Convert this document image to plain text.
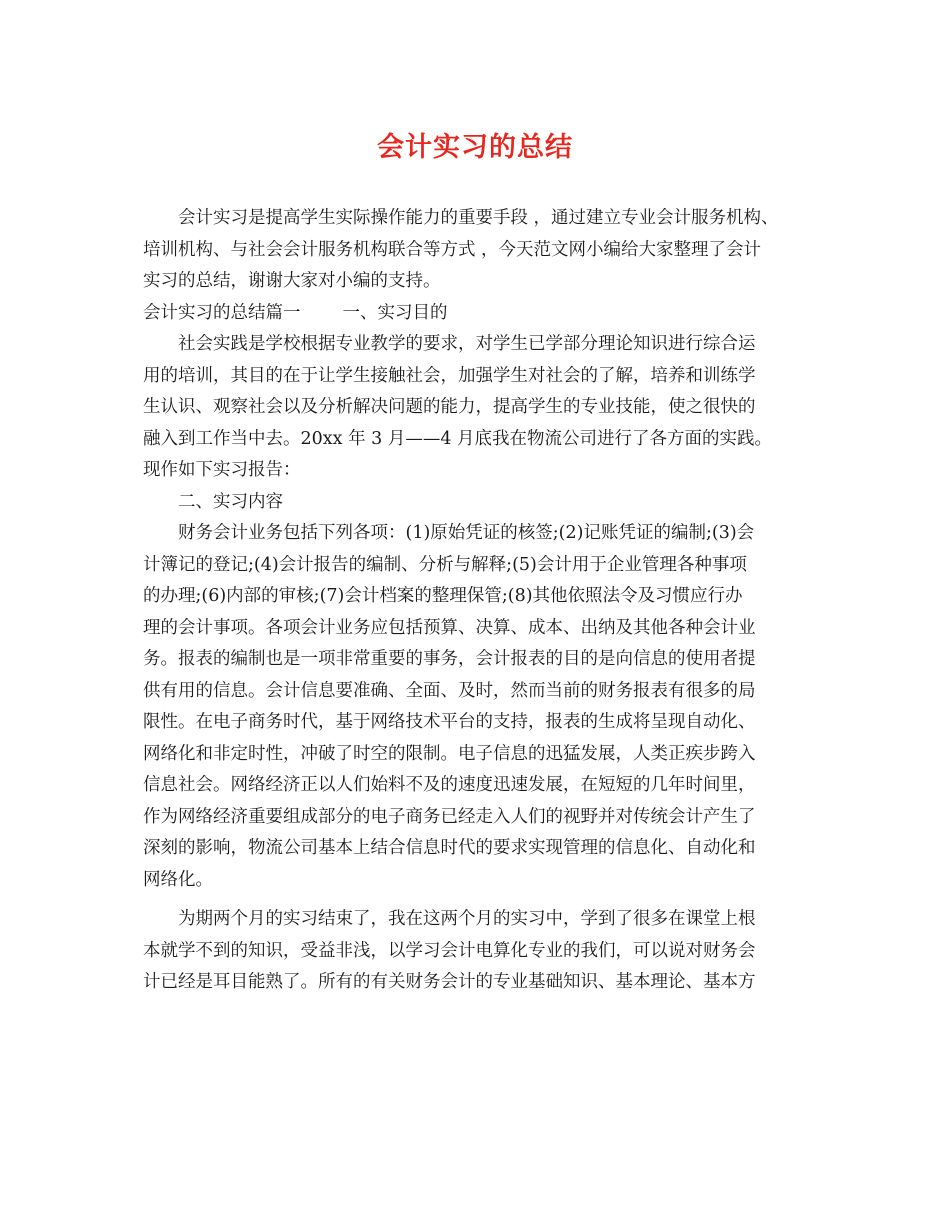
会计实习的总结
会计实习是提高学生实际操作能力的重要手段 ，通过建立专业会计服务机构、
培训机构、与社会会计服务机构联合等方式 ，今天范文网小编给大家整理了会计
实习的总结，谢谢大家对小编的支持。
会计实习的总结篇一 一、实习目的
社会实践是学校根据专业教学的要求，对学生已学部分理论知识进行综合运
用的培训，其目的在于让学生接触社会，加强学生对社会的了解，培养和训练学
生认识、观察社会以及分析解决问题的能力，提高学生的专业技能，使之很快的
融入到工作当中去。20xx 年 3 月——4 月底我在物流公司进行了各方面的实践。
现作如下实习报告：
二、实习内容
财务会计业务包括下列各项：(1)原始凭证的核签;(2)记账凭证的编制;(3)会
计簿记的登记;(4)会计报告的编制、分析与解释;(5)会计用于企业管理各种事项
的办理;(6)内部的审核;(7)会计档案的整理保管;(8)其他依照法令及习惯应行办
理的会计事项。各项会计业务应包括预算、决算、成本、出纳及其他各种会计业
务。报表的编制也是一项非常重要的事务，会计报表的目的是向信息的使用者提
供有用的信息。会计信息要准确、全面、及时，然而当前的财务报表有很多的局
限性。在电子商务时代，基于网络技术平台的支持，报表的生成将呈现自动化、
网络化和非定时性，冲破了时空的限制。电子信息的迅猛发展，人类正疾步跨入
信息社会。网络经济正以人们始料不及的速度迅速发展，在短短的几年时间里，
作为网络经济重要组成部分的电子商务已经走入人们的视野并对传统会计产生了
深刻的影响，物流公司基本上结合信息时代的要求实现管理的信息化、自动化和
网络化。
为期两个月的实习结束了，我在这两个月的实习中，学到了很多在课堂上根
本就学不到的知识，受益非浅，以学习会计电算化专业的我们，可以说对财务会
计已经是耳目能熟了。所有的有关财务会计的专业基础知识、基本理论、基本方
